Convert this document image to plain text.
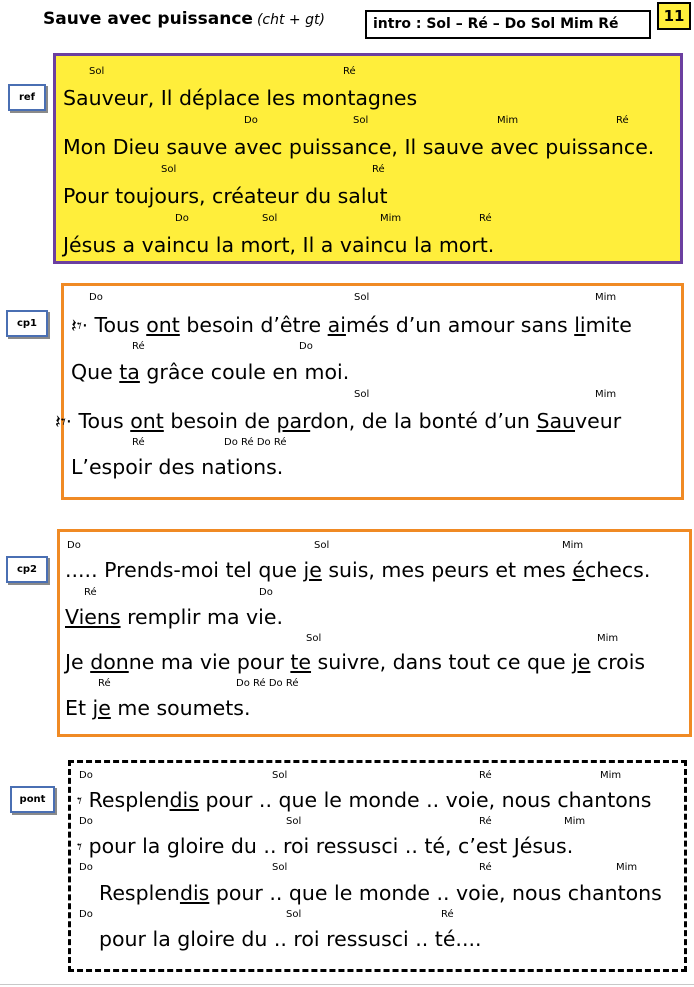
Sauve avec puissance (cht + gt)	intro : Sol – Ré – Do Sol Mim Ré	11
ref
Sol	Ré
Sauveur, Il déplace les montagnes
Do	Sol	Mim	Ré
Mon Dieu sauve avec puissance, Il sauve avec puissance.
Sol	Ré
Pour toujours, créateur du salut
Do	Sol	Mim	Ré
Jésus a vaincu la mort, Il a vaincu la mort.
cp1
Do	Sol	Mim
𝄽𝄾· Tous ont besoin d’être aimés d’un amour sans limite
Ré	Do
Que ta grâce coule en moi.
Sol	Mim
𝄽𝄾· Tous ont besoin de pardon, de la bonté d’un Sauveur
Ré	Do Ré Do Ré
L’espoir des nations.
cp2
Do	Sol	Mim
..... Prends-moi tel que je suis, mes peurs et mes échecs.
Ré	Do
Viens remplir ma vie.
Sol	Mim
Je donne ma vie pour te suivre, dans tout ce que je crois
Ré	Do Ré Do Ré
Et je me soumets.
pont
Do	Sol	Ré	Mim
𝄾 Resplendis pour .. que le monde .. voie, nous chantons
Do	Sol	Ré	Mim
𝄾 pour la gloire du .. roi ressusci .. té, c’est Jésus.
Do	Sol	Ré	Mim
Resplendis pour .. que le monde .. voie, nous chantons
Do	Sol	Ré
pour la gloire du .. roi ressusci .. té....
